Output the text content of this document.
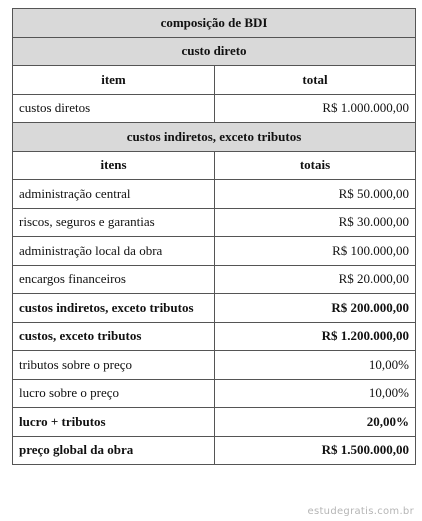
composição de BDI	
custo direto	
item	total
custos diretos	R$ 1.000.000,00
custos indiretos, exceto tributos	
itens	totais
administração central	R$ 50.000,00
riscos, seguros e garantias	R$ 30.000,00
administração local da obra	R$ 100.000,00
encargos financeiros	R$ 20.000,00
custos indiretos, exceto tributos	R$ 200.000,00
custos, exceto tributos	R$ 1.200.000,00
tributos sobre o preço	10,00%
lucro sobre o preço	10,00%
lucro + tributos	20,00%
preço global da obra	R$ 1.500.000,00
estudegratis.com.br
